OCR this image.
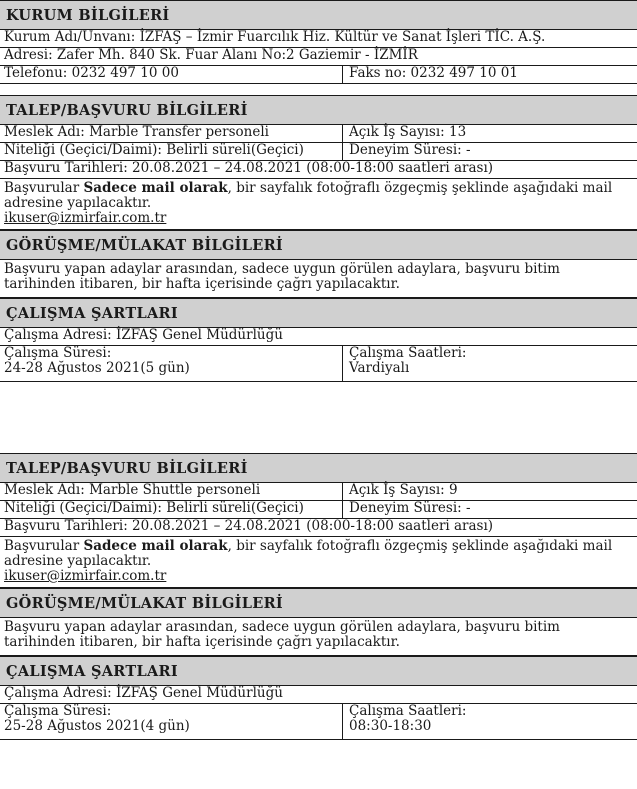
KURUM BİLGİLERİ
Kurum Adı/Unvanı: İZFAŞ – İzmir Fuarcılık Hiz. Kültür ve Sanat İşleri TİC. A.Ş.
Adresi: Zafer Mh. 840 Sk. Fuar Alanı No:2 Gaziemir - İZMİR
Telefonu: 0232 497 10 00	Faks no: 0232 497 10 01
TALEP/BAŞVURU BİLGİLERİ
Meslek Adı: Marble Transfer personeli	Açık İş Sayısı: 13
Niteliği (Geçici/Daimi): Belirli süreli(Geçici)	Deneyim Süresi: -
Başvuru Tarihleri: 20.08.2021 – 24.08.2021 (08:00-18:00 saatleri arası)
Başvurular Sadece mail olarak, bir sayfalık fotoğraflı özgeçmiş şeklinde aşağıdaki mail adresine yapılacaktır.
ikuser@izmirfair.com.tr
GÖRÜŞME/MÜLAKAT BİLGİLERİ
Başvuru yapan adaylar arasından, sadece uygun görülen adaylara, başvuru bitim tarihinden itibaren, bir hafta içerisinde çağrı yapılacaktır.
ÇALIŞMA ŞARTLARI
Çalışma Adresi: İZFAŞ Genel Müdürlüğü
Çalışma Süresi:
24-28 Ağustos 2021(5 gün)
Çalışma Saatleri:
Vardiyalı
TALEP/BAŞVURU BİLGİLERİ
Meslek Adı: Marble Shuttle personeli	Açık İş Sayısı: 9
Niteliği (Geçici/Daimi): Belirli süreli(Geçici)	Deneyim Süresi: -
Başvuru Tarihleri: 20.08.2021 – 24.08.2021 (08:00-18:00 saatleri arası)
Başvurular Sadece mail olarak, bir sayfalık fotoğraflı özgeçmiş şeklinde aşağıdaki mail adresine yapılacaktır.
ikuser@izmirfair.com.tr
GÖRÜŞME/MÜLAKAT BİLGİLERİ
Başvuru yapan adaylar arasından, sadece uygun görülen adaylara, başvuru bitim tarihinden itibaren, bir hafta içerisinde çağrı yapılacaktır.
ÇALIŞMA ŞARTLARI
Çalışma Adresi: İZFAŞ Genel Müdürlüğü
Çalışma Süresi:
25-28 Ağustos 2021(4 gün)
Çalışma Saatleri:
08:30-18:30
